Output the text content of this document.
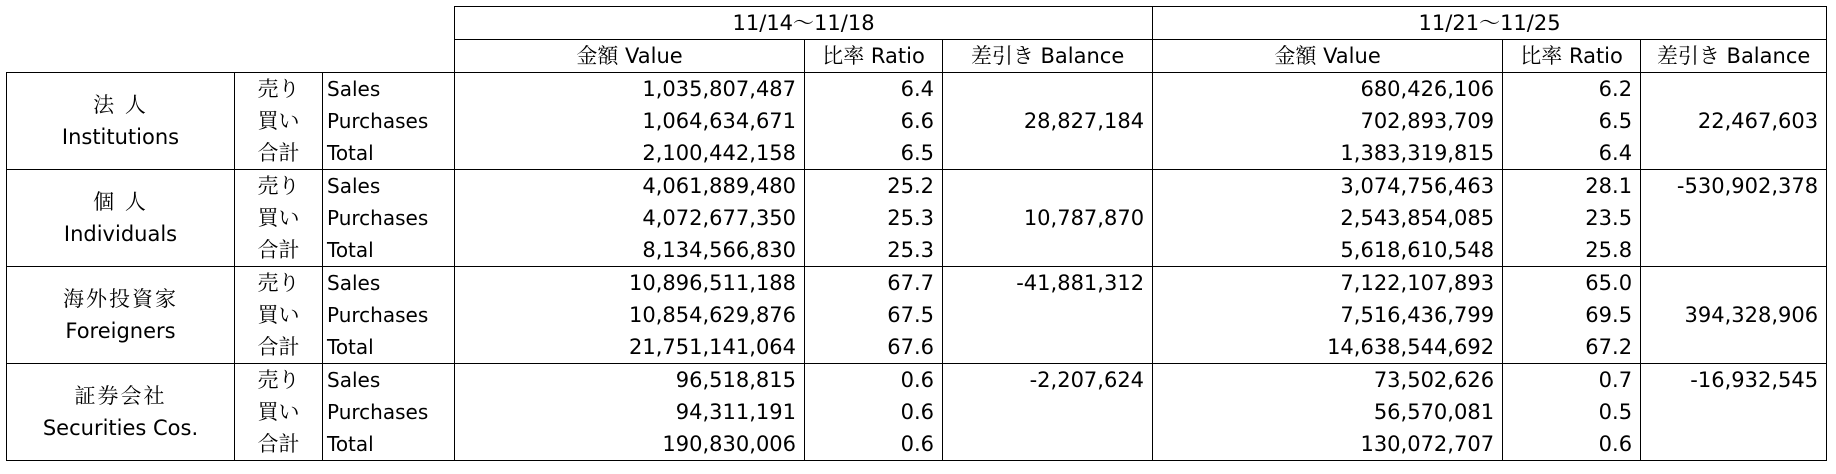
			11/14～11/18			11/21～11/25		
			金額 Value	比率 Ratio	差引き Balance	金額 Value	比率 Ratio	差引き Balance

法 人
Institutions	売り	Sales	1,035,807,487	6.4		680,426,106	6.2	
	買い	Purchases	1,064,634,671	6.6	28,827,184	702,893,709	6.5	22,467,603
	合計	Total	2,100,442,158	6.5		1,383,319,815	6.4	

個 人
Individuals	売り	Sales	4,061,889,480	25.2		3,074,756,463	28.1	-530,902,378
	買い	Purchases	4,072,677,350	25.3	10,787,870	2,543,854,085	23.5	
	合計	Total	8,134,566,830	25.3		5,618,610,548	25.8	

海外投資家
Foreigners	売り	Sales	10,896,511,188	67.7	-41,881,312	7,122,107,893	65.0	
	買い	Purchases	10,854,629,876	67.5		7,516,436,799	69.5	394,328,906
	合計	Total	21,751,141,064	67.6		14,638,544,692	67.2	

証券会社
Securities Cos.	売り	Sales	96,518,815	0.6	-2,207,624	73,502,626	0.7	-16,932,545
	買い	Purchases	94,311,191	0.6		56,570,081	0.5	
	合計	Total	190,830,006	0.6		130,072,707	0.6	
